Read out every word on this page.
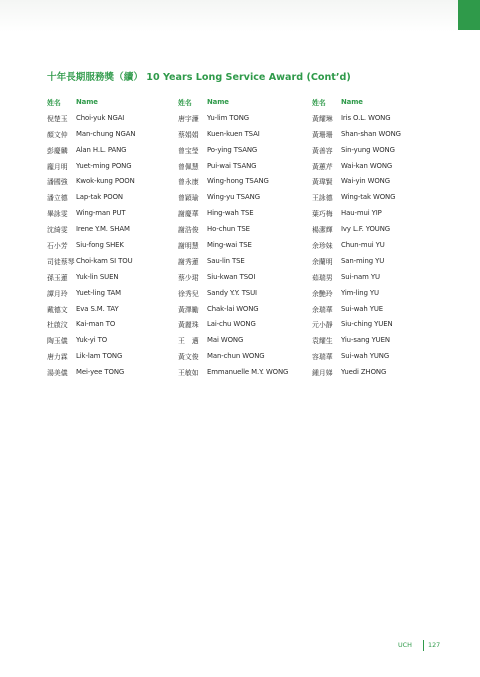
十年長期服務獎（續） 10 Years Long Service Award (Cont’d)
姓名	Name
倪楚玉	Choi-yuk NGAI
顏文仲	Man-chung NGAN
彭慶麟	Alan H.L. PANG
龐月明	Yuet-ming PONG
潘國強	Kwok-kung POON
潘立德	Lap-tak POON
畢詠雯	Wing-man PUT
沈綺雯	Irene Y.M. SHAM
石小芳	Siu-fong SHEK
司徒蔡琴 Choi-kam SI TOU
孫玉蓮	Yuk-lin SUEN
譚月玲	Yuet-ling TAM
戴德文	Eva S.M. TAY
杜啟汶	Kai-man TO
陶玉儀	Yuk-yi TO
唐力霖	Lik-lam TONG
湯美儀	Mei-yee TONG
姓名	Name
唐宇濂	Yu-lim TONG
蔡娟娟	Kuen-kuen TSAI
曾宝瑩	Po-ying TSANG
曾佩慧	Pui-wai TSANG
曾永康	Wing-hong TSANG
曾穎瑜	Wing-yu TSANG
謝慶華	Hing-wah TSE
謝浩俊	Ho-chun TSE
謝明慧	Ming-wai TSE
謝秀蓮	Sau-lin TSE
蔡少珺	Siu-kwan TSOI
徐秀兒	Sandy Y.Y. TSUI
黃澤勵	Chak-lai WONG
黃麗珠	Lai-chu WONG
王　邁	Mai WONG
黃文俊	Man-chun WONG
王敏如	Emmanuelle M.Y. WONG
姓名	Name
黃耀琳	Iris O.L. WONG
黃珊珊	Shan-shan WONG
黃善容	Sin-yung WONG
黃蕙芹	Wai-kan WONG
黃瑋賢	Wai-yin WONG
王詠德	Wing-tak WONG
葉巧梅	Hau-mui YIP
楊潔輝	Ivy L.F. YOUNG
余珍妹	Chun-mui YU
余蘭明	San-ming YU
茹瑞男	Sui-nam YU
余艷玲	Yim-ling YU
余瑞華	Sui-wah YUE
元小靜	Siu-ching YUEN
袁耀生	Yiu-sang YUEN
容瑞華	Sui-wah YUNG
鍾月娣	Yuedi ZHONG
UCH	127
